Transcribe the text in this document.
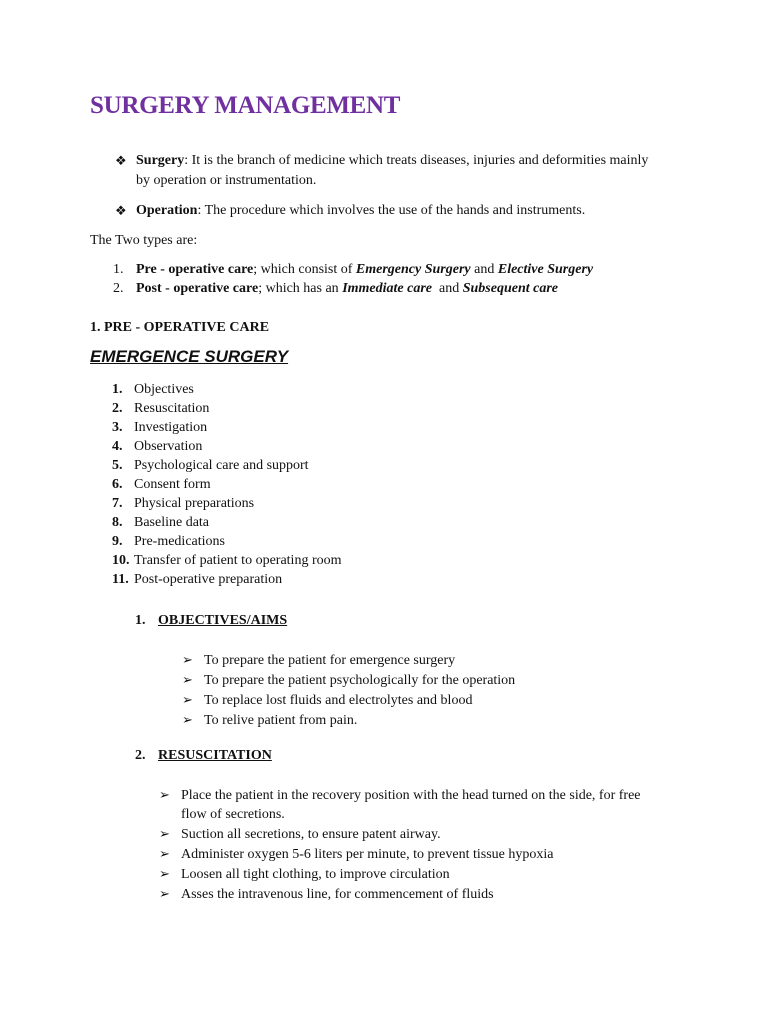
SURGERY MANAGEMENT
❖ Surgery: It is the branch of medicine which treats diseases, injuries and deformities mainly
by operation or instrumentation.
❖ Operation: The procedure which involves the use of the hands and instruments.
The Two types are:
1. Pre - operative care; which consist of Emergency Surgery and Elective Surgery
2. Post - operative care; which has an Immediate care  and Subsequent care
1. PRE - OPERATIVE CARE
EMERGENCE SURGERY
1. Objectives
2. Resuscitation
3. Investigation
4. Observation
5. Psychological care and support
6. Consent form
7. Physical preparations
8. Baseline data
9. Pre-medications
10. Transfer of patient to operating room
11. Post-operative preparation
1. OBJECTIVES/AIMS
➢ To prepare the patient for emergence surgery
➢ To prepare the patient psychologically for the operation
➢ To replace lost fluids and electrolytes and blood
➢ To relive patient from pain.
2. RESUSCITATION
➢ Place the patient in the recovery position with the head turned on the side, for free
flow of secretions.
➢ Suction all secretions, to ensure patent airway.
➢ Administer oxygen 5-6 liters per minute, to prevent tissue hypoxia
➢ Loosen all tight clothing, to improve circulation
➢ Asses the intravenous line, for commencement of fluids
